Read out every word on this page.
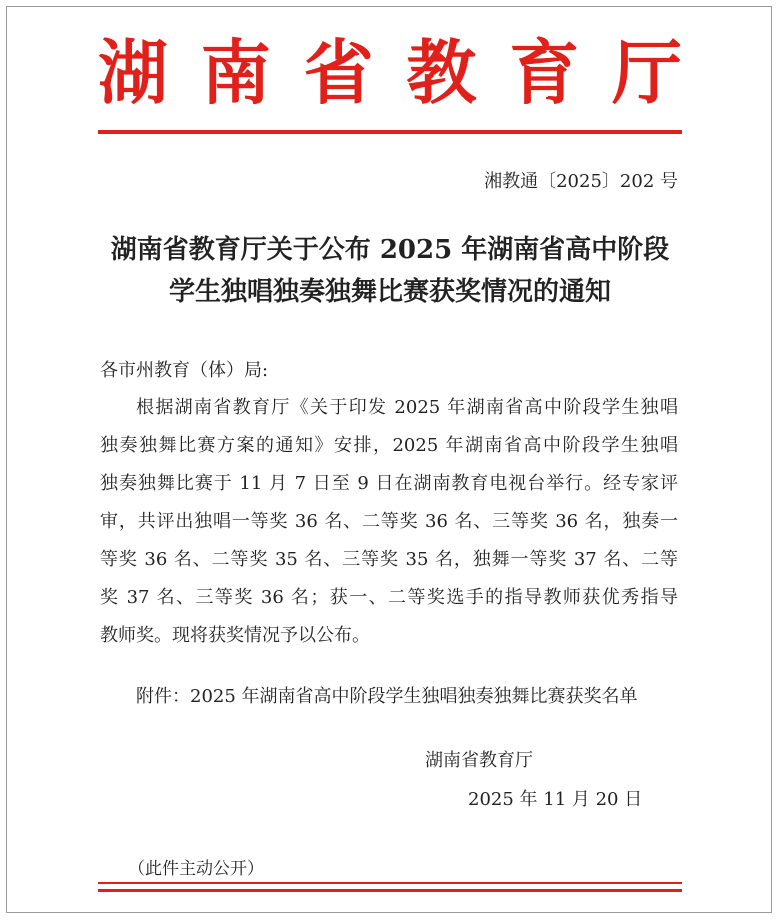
湖 南 省 教 育 厅
湘教通〔2025〕202 号
湖南省教育厅关于公布 2025 年湖南省高中阶段
学生独唱独奏独舞比赛获奖情况的通知
各市州教育（体）局:
根据湖南省教育厅《关于印发 2025 年湖南省高中阶段学生独唱
独奏独舞比赛方案的通知》安排，2025 年湖南省高中阶段学生独唱
独奏独舞比赛于 11 月 7 日至 9 日在湖南教育电视台举行。经专家评
审，共评出独唱一等奖 36 名、二等奖 36 名、三等奖 36 名，独奏一
等奖 36 名、二等奖 35 名、三等奖 35 名，独舞一等奖 37 名、二等
奖 37 名、三等奖 36 名；获一、二等奖选手的指导教师获优秀指导
教师奖。现将获奖情况予以公布。
附件：2025 年湖南省高中阶段学生独唱独奏独舞比赛获奖名单
湖南省教育厅
2025 年 11 月 20 日
（此件主动公开）
